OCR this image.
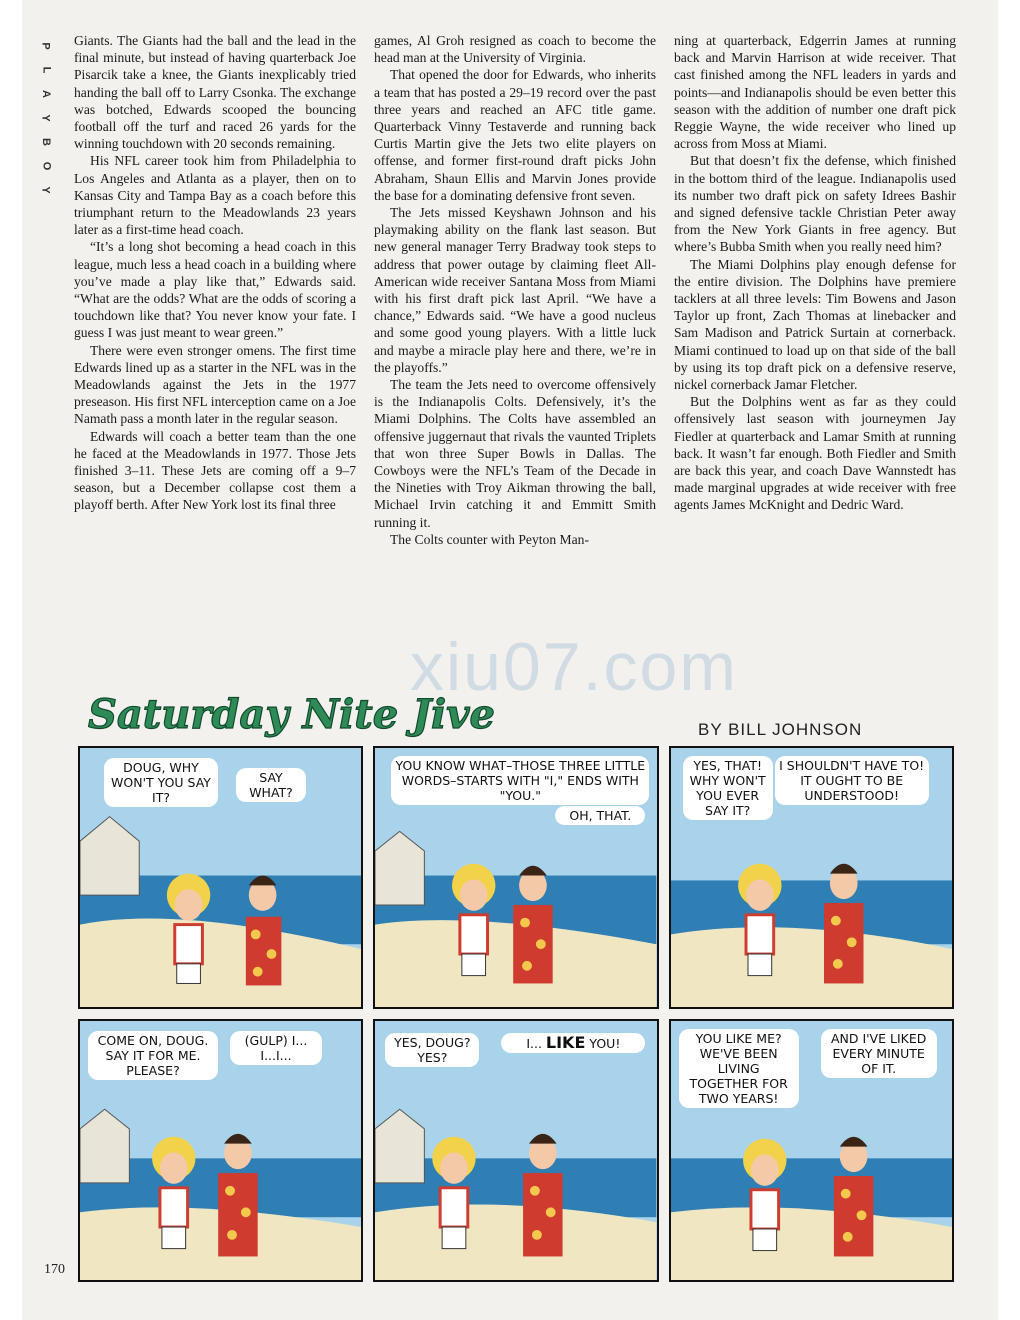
P
L
A
Y
B
O
Y

Giants. The Giants had the ball and the lead in the final minute, but instead of having quarterback Joe Pisarcik take a knee, the Giants inexplicably tried handing the ball off to Larry Csonka. The exchange was botched, Edwards scooped the bouncing football off the turf and raced 26 yards for the winning touchdown with 20 seconds remaining.

His NFL career took him from Philadelphia to Los Angeles and Atlanta as a player, then on to Kansas City and Tampa Bay as a coach before this triumphant return to the Meadowlands 23 years later as a first-time head coach.

“It’s a long shot becoming a head coach in this league, much less a head coach in a building where you’ve made a play like that,” Edwards said. “What are the odds? What are the odds of scoring a touchdown like that? You never know your fate. I guess I was just meant to wear green.”

There were even stronger omens. The first time Edwards lined up as a starter in the NFL was in the Meadowlands against the Jets in the 1977 preseason. His first NFL interception came on a Joe Namath pass a month later in the regular season.

Edwards will coach a better team than the one he faced at the Meadowlands in 1977. Those Jets finished 3–11. These Jets are coming off a 9–7 season, but a December collapse cost them a playoff berth. After New York lost its final three

games, Al Groh resigned as coach to become the head man at the University of Virginia.

That opened the door for Edwards, who inherits a team that has posted a 29–19 record over the past three years and reached an AFC title game. Quarterback Vinny Testaverde and running back Curtis Martin give the Jets two elite players on offense, and former first-round draft picks John Abraham, Shaun Ellis and Marvin Jones provide the base for a dominating defensive front seven.

The Jets missed Keyshawn Johnson and his playmaking ability on the flank last season. But new general manager Terry Bradway took steps to address that power outage by claiming fleet All-American wide receiver Santana Moss from Miami with his first draft pick last April. “We have a chance,” Edwards said. “We have a good nucleus and some good young players. With a little luck and maybe a miracle play here and there, we’re in the playoffs.”

The team the Jets need to overcome offensively is the Indianapolis Colts. Defensively, it’s the Miami Dolphins. The Colts have assembled an offensive juggernaut that rivals the vaunted Triplets that won three Super Bowls in Dallas. The Cowboys were the NFL’s Team of the Decade in the Nineties with Troy Aikman throwing the ball, Michael Irvin catching it and Emmitt Smith running it.

The Colts counter with Peyton Man-

ning at quarterback, Edgerrin James at running back and Marvin Harrison at wide receiver. That cast finished among the NFL leaders in yards and points—and Indianapolis should be even better this season with the addition of number one draft pick Reggie Wayne, the wide receiver who lined up across from Moss at Miami.

But that doesn’t fix the defense, which finished in the bottom third of the league. Indianapolis used its number two draft pick on safety Idrees Bashir and signed defensive tackle Christian Peter away from the New York Giants in free agency. But where’s Bubba Smith when you really need him?

The Miami Dolphins play enough defense for the entire division. The Dolphins have premiere tacklers at all three levels: Tim Bowens and Jason Taylor up front, Zach Thomas at linebacker and Sam Madison and Patrick Surtain at cornerback. Miami continued to load up on that side of the ball by using its top draft pick on a defensive reserve, nickel cornerback Jamar Fletcher.

But the Dolphins went as far as they could offensively last season with journeymen Jay Fiedler at quarterback and Lamar Smith at running back. It wasn’t far enough. Both Fiedler and Smith are back this year, and coach Dave Wannstedt has made marginal upgrades at wide receiver with free agents James McKnight and Dedric Ward.

xiu07.com
Saturday Nite Jive	BY BILL JOHNSON
DOUG, WHY WON'T YOU SAY IT?
SAY WHAT?
YOU KNOW WHAT–THOSE THREE LITTLE WORDS–STARTS WITH "I," ENDS WITH "YOU."
OH, THAT.
YES, THAT! WHY WON'T YOU EVER SAY IT?
I SHOULDN'T HAVE TO! IT OUGHT TO BE UNDERSTOOD!
COME ON, DOUG. SAY IT FOR ME. PLEASE?
(GULP) I... I...I...
YES, DOUG? YES?
I... LIKE YOU!	YOU LIKE ME? WE'VE BEEN LIVING TOGETHER FOR TWO YEARS!
AND I'VE LIKED EVERY MINUTE OF IT.
170
